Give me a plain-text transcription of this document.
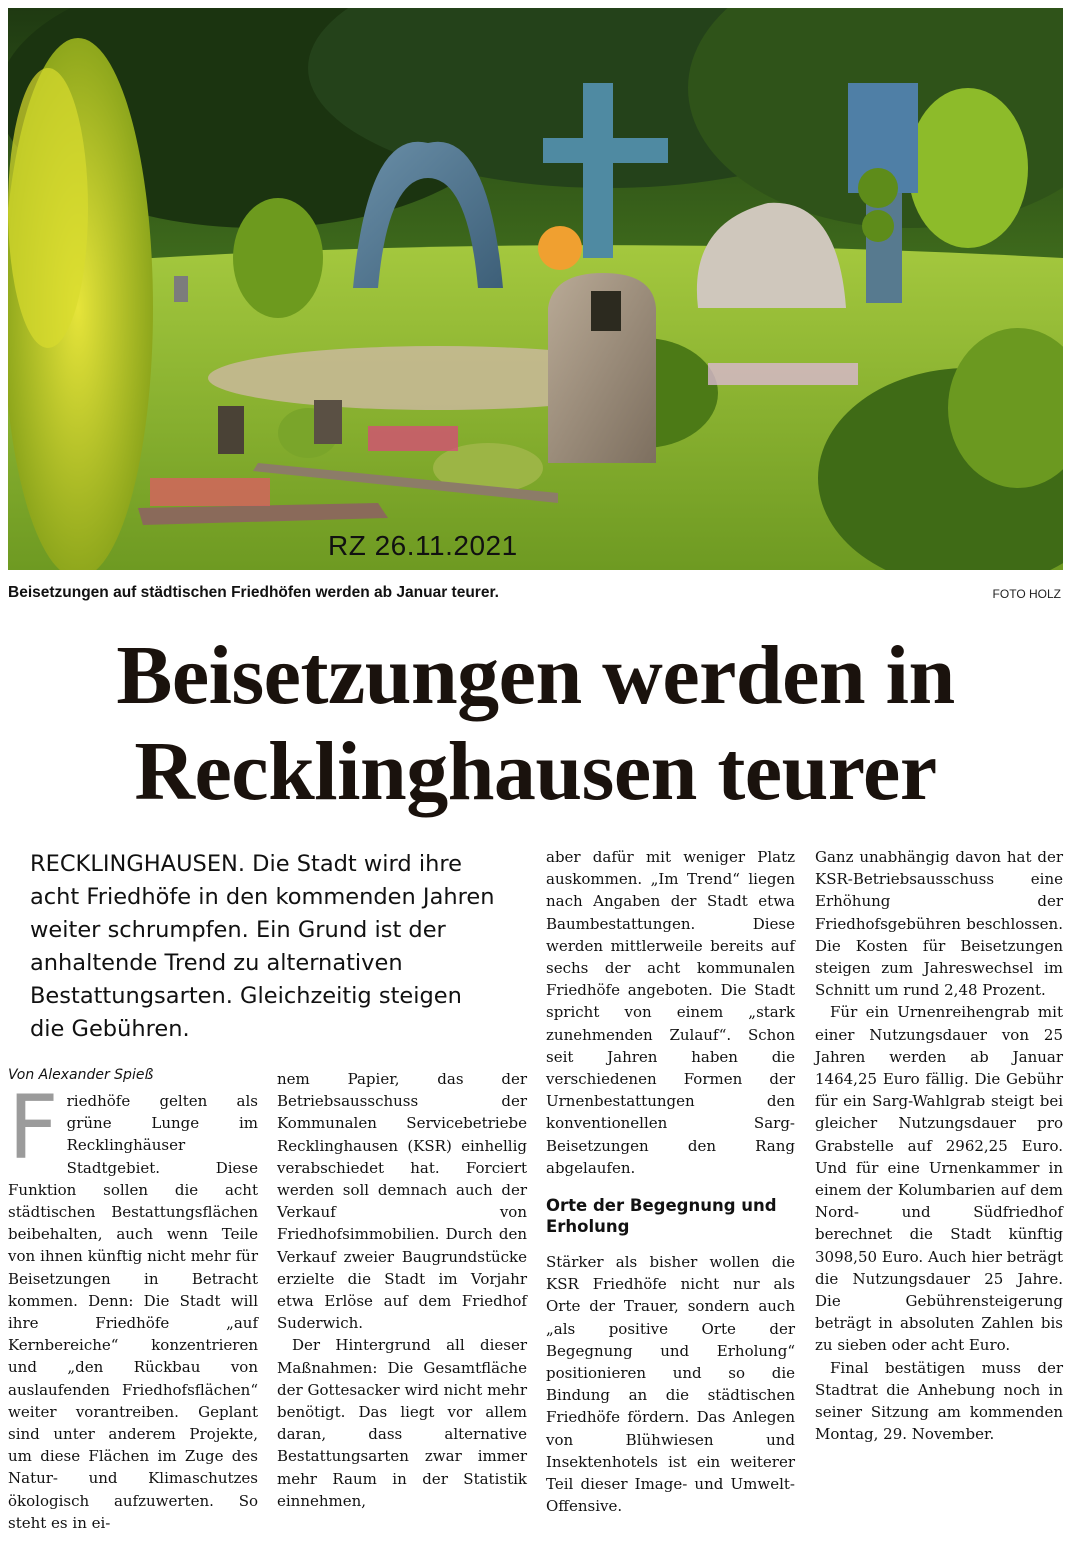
RZ 26.11.2021
Beisetzungen auf städtischen Friedhöfen werden ab Januar teurer.	FOTO HOLZ
Beisetzungen werden in
Recklinghausen teurer

RECKLINGHAUSEN. Die Stadt wird ihre acht Friedhöfe in den kommenden Jahren weiter schrumpfen. Ein Grund ist der anhaltende Trend zu alternativen Bestattungsarten. Gleichzeitig steigen die Gebühren.

Von Alexander Spieß

Friedhöfe gelten als grüne Lunge im Recklinghäuser Stadtgebiet. Diese Funktion sollen die acht städtischen Bestattungsflächen beibehalten, auch wenn Teile von ihnen künftig nicht mehr für Beisetzungen in Betracht kommen. Denn: Die Stadt will ihre Friedhöfe „auf Kernbereiche“ konzentrieren und „den Rückbau von auslaufenden Friedhofsflächen“ weiter vorantreiben. Geplant sind unter anderem Projekte, um diese Flächen im Zuge des Natur- und Klimaschutzes ökologisch aufzuwerten. So steht es in ei-

nem Papier, das der Betriebsausschuss der Kommunalen Servicebetriebe Recklinghausen (KSR) einhellig verabschiedet hat. Forciert werden soll demnach auch der Verkauf von Friedhofsimmobilien. Durch den Verkauf zweier Baugrundstücke erzielte die Stadt im Vorjahr etwa Erlöse auf dem Friedhof Suderwich.

Der Hintergrund all dieser Maßnahmen: Die Gesamtfläche der Gottesacker wird nicht mehr benötigt. Das liegt vor allem daran, dass alternative Bestattungsarten zwar immer mehr Raum in der Statistik einnehmen,

aber dafür mit weniger Platz auskommen. „Im Trend“ liegen nach Angaben der Stadt etwa Baumbestattungen. Diese werden mittlerweile bereits auf sechs der acht kommunalen Friedhöfe angeboten. Die Stadt spricht von einem „stark zunehmenden Zulauf“. Schon seit Jahren haben die verschiedenen Formen der Urnenbestattungen den konventionellen Sarg-Beisetzungen den Rang abgelaufen.

Orte der Begegnung und Erholung

Stärker als bisher wollen die KSR Friedhöfe nicht nur als Orte der Trauer, sondern auch „als positive Orte der Begegnung und Erholung“ positionieren und so die Bindung an die städtischen Friedhöfe fördern. Das Anlegen von Blühwiesen und Insektenhotels ist ein weiterer Teil dieser Image- und Umwelt-Offensive.

Ganz unabhängig davon hat der KSR-Betriebsausschuss eine Erhöhung der Friedhofsgebühren beschlossen. Die Kosten für Beisetzungen steigen zum Jahreswechsel im Schnitt um rund 2,48 Prozent.

Für ein Urnenreihengrab mit einer Nutzungsdauer von 25 Jahren werden ab Januar 1464,25 Euro fällig. Die Gebühr für ein Sarg-Wahlgrab steigt bei gleicher Nutzungsdauer pro Grabstelle auf 2962,25 Euro. Und für eine Urnenkammer in einem der Kolumbarien auf dem Nord- und Südfriedhof berechnet die Stadt künftig 3098,50 Euro. Auch hier beträgt die Nutzungsdauer 25 Jahre. Die Gebührensteigerung beträgt in absoluten Zahlen bis zu sieben oder acht Euro.

Final bestätigen muss der Stadtrat die Anhebung noch in seiner Sitzung am kommenden Montag, 29. November.
